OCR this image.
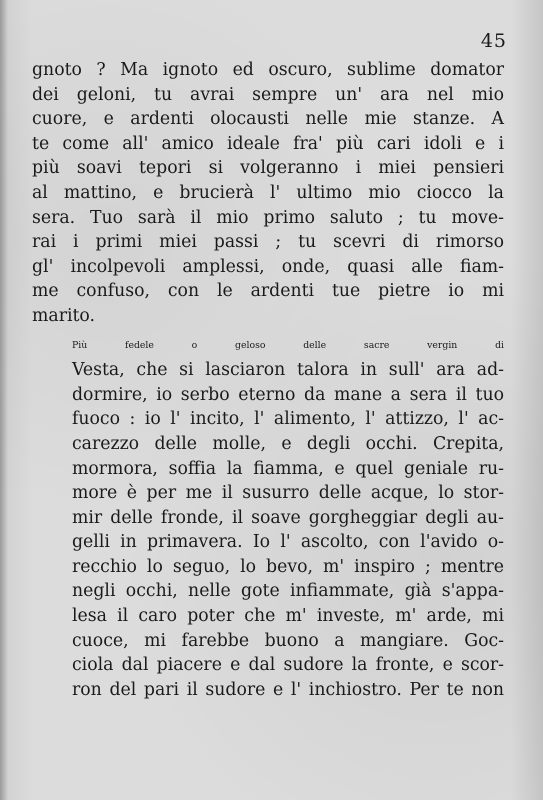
45

gnoto ? Ma ignoto ed oscuro, sublime domator
dei geloni, tu avrai sempre un' ara nel mio
cuore, e ardenti olocausti nelle mie stanze. A
te come all' amico ideale fra' più cari idoli e i
più soavi tepori si volgeranno i miei pensieri
al mattino, e brucierà l' ultimo mio ciocco la
sera. Tuo sarà il mio primo saluto ; tu move-
rai i primi miei passi ; tu scevri di rimorso
gl' incolpevoli amplessi, onde, quasi alle fiam-
me confuso, con le ardenti tue pietre io mi
marito.

Più fedele o geloso delle sacre vergin di
Vesta, che si lasciaron talora in sull' ara ad-
dormire, io serbo eterno da mane a sera il tuo
fuoco : io l' incito, l' alimento, l' attizzo, l' ac-
carezzo delle molle, e degli occhi. Crepita,
mormora, soffia la fiamma, e quel geniale ru-
more è per me il susurro delle acque, lo stor-
mir delle fronde, il soave gorgheggiar degli au-
gelli in primavera. Io l' ascolto, con l'avido o-
recchio lo seguo, lo bevo, m' inspiro ; mentre
negli occhi, nelle gote infiammate, già s'appa-
lesa il caro poter che m' investe, m' arde, mi
cuoce, mi farebbe buono a mangiare. Goc-
ciola dal piacere e dal sudore la fronte, e scor-
ron del pari il sudore e l' inchiostro. Per te non
